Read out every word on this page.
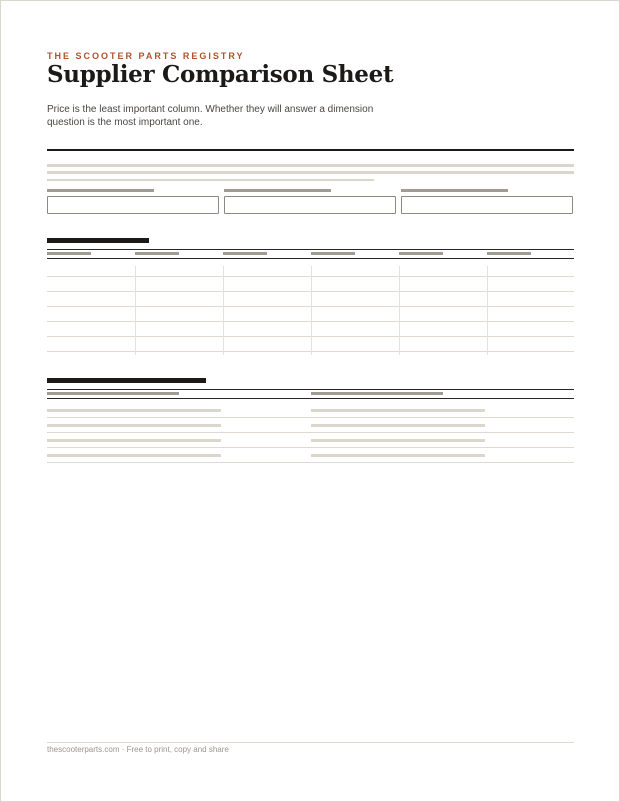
THE SCOOTER PARTS REGISTRY
Supplier Comparison Sheet
Price is the least important column. Whether they will answer a dimension question is the most important one.
thescooterparts.com · Free to print, copy and share
